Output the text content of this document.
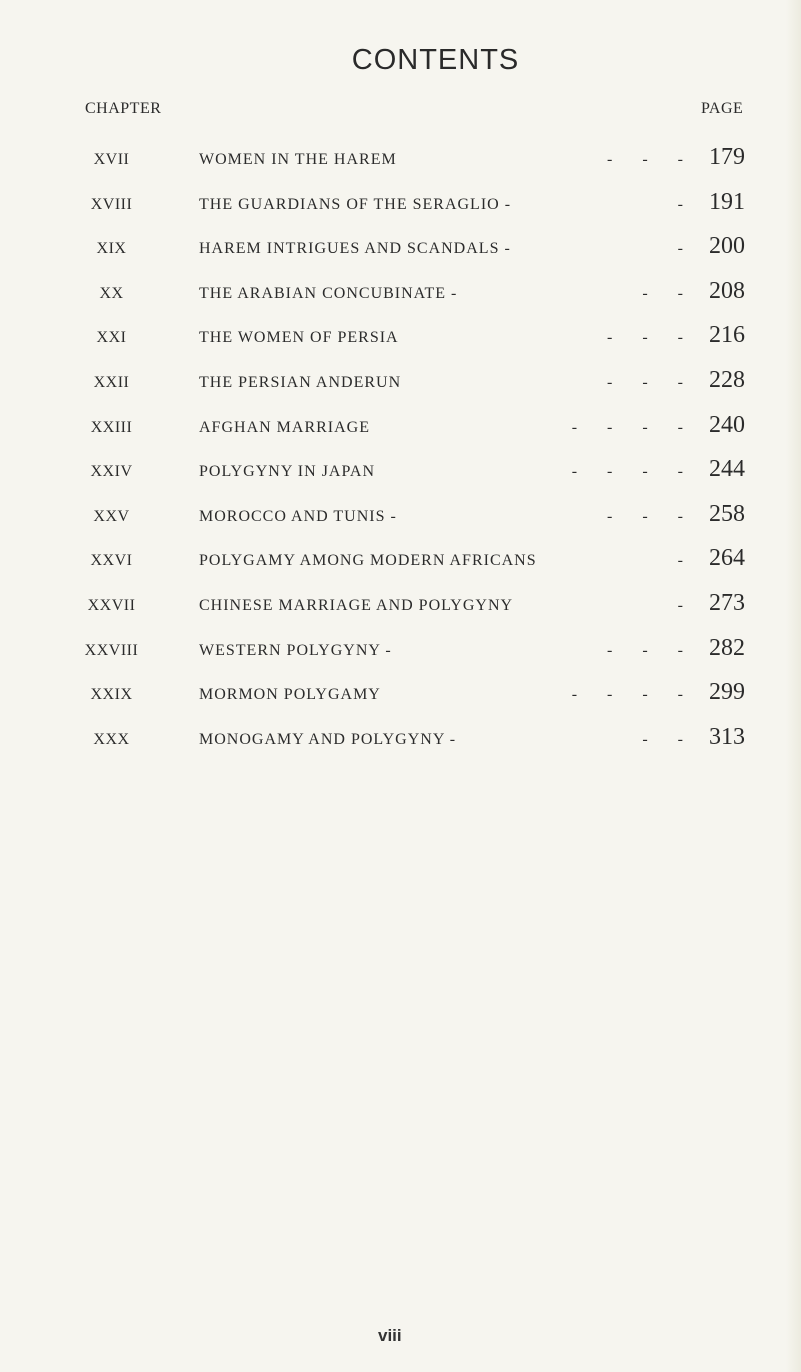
CONTENTS
CHAPTER	PAGE
XVII	WOMEN IN THE HAREM	- - -	179
XVIII	THE GUARDIANS OF THE SERAGLIO -	-	191
XIX	HAREM INTRIGUES AND SCANDALS -	-	200
XX	THE ARABIAN CONCUBINATE -	- -	208
XXI	THE WOMEN OF PERSIA	- - -	216
XXII	THE PERSIAN ANDERUN	- - -	228
XXIII	AFGHAN MARRIAGE	- - - -	240
XXIV	POLYGYNY IN JAPAN	- - - -	244
XXV	MOROCCO AND TUNIS -	- - -	258
XXVI	POLYGAMY AMONG MODERN AFRICANS	-	264
XXVII	CHINESE MARRIAGE AND POLYGYNY	-	273
XXVIII	WESTERN POLYGYNY -	- - -	282
XXIX	MORMON POLYGAMY	- - - -	299
XXX	MONOGAMY AND POLYGYNY -	- -	313
viii
